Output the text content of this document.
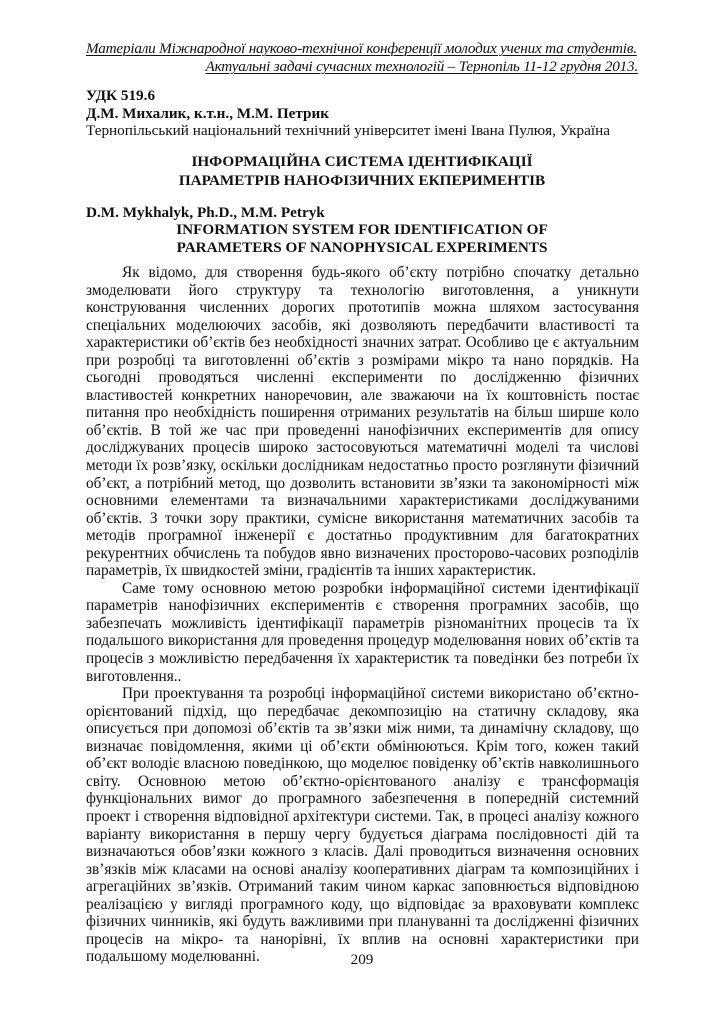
Матеріали Міжнародної науково-технічної конференції молодих учених та студентів.
Актуальні задачі сучасних технологій – Тернопіль 11-12 грудня 2013.
УДК 519.6
Д.М. Михалик, к.т.н., М.М. Петрик
Тернопільський національний технічний університет імені Івана Пулюя, Україна
ІНФОРМАЦІЙНА СИСТЕМА ІДЕНТИФІКАЦІЇ
ПАРАМЕТРІВ НАНОФІЗИЧНИХ ЕКПЕРИМЕНТІВ
D.M. Mykhalyk, Ph.D., M.M. Petryk
INFORMATION SYSTEM FOR IDENTIFICATION OF
PARAMETERS OF NANOPHYSICAL EXPERIMENTS

Як відомо, для створення будь-якого об’єкту потрібно спочатку детально змоделювати його структуру та технологію виготовлення, а уникнути конструювання численних дорогих прототипів можна шляхом застосування спеціальних моделюючих засобів, які дозволяють передбачити властивості та характеристики об’єктів без необхідності значних затрат. Особливо це є актуальним при розробці та виготовленні об’єктів з розмірами мікро та нано порядків. На сьогодні проводяться численні експерименти по дослідженню фізичних властивостей конкретних наноречовин, але зважаючи на їх коштовність постає питання про необхідність поширення отриманих результатів на більш ширше коло об’єктів. В той же час при проведенні нанофізичних експериментів для опису досліджуваних процесів широко застосовуються математичні моделі та числові методи їх розв’язку, оскільки дослідникам недостатньо просто розглянути фізичний об’єкт, а потрібний метод, що дозволить встановити зв’язки та закономірності між основними елементами та визначальними характеристиками досліджуваними об’єктів. З точки зору практики, сумісне використання математичних засобів та методів програмної інженерії є достатньо продуктивним для багатократних рекурентних обчислень та побудов явно визначених просторово-часових розподілів параметрів, їх швидкостей зміни, градієнтів та інших характеристик.

Саме тому основною метою розробки інформаційної системи ідентифікації параметрів нанофізичних експериментів є створення програмних засобів, що забезпечать можливість ідентифікації параметрів різноманітних процесів та їх подальшого використання для проведення процедур моделювання нових об’єктів та процесів з можливістю передбачення їх характеристик та поведінки без потреби їх виготовлення..

При проектування та розробці інформаційної системи використано об’єктно-орієнтований підхід, що передбачає декомпозицію на статичну складову, яка описується при допомозі об’єктів та зв’язки між ними, та динамічну складову, що визначає повідомлення, якими ці об’єкти обмінюються. Крім того, кожен такий об’єкт володіє власною поведінкою, що моделює повіденку об’єктів навколишнього світу. Основною метою об’єктно-орієнтованого аналізу є трансформація функціональних вимог до програмного забезпечення в попередній системний проект і створення відповідної архітектури системи. Так, в процесі аналізу кожного варіанту використання в першу чергу будується діаграма послідовності дій та визначаються обов’язки кожного з класів. Далі проводиться визначення основних зв’язків між класами на основі аналізу кооперативних діаграм та композиційних і агрегаційних зв’язків. Отриманий таким чином каркас заповнюється відповідною реалізацією у вигляді програмного коду, що відповідає за враховувати комплекс фізичних чинників, які будуть важливими при плануванні та дослідженні фізичних процесів на мікро- та нанорівні, їх вплив на основні характеристики при подальшому моделюванні.	209
